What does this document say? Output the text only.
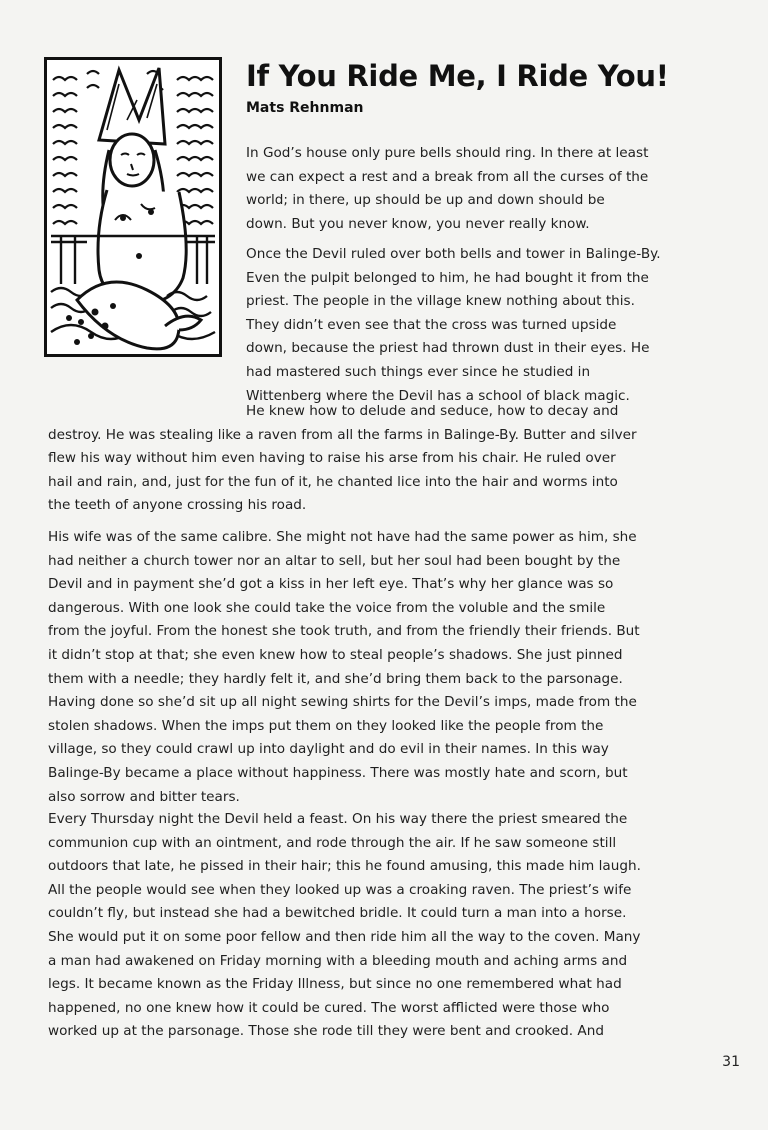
If You Ride Me, I Ride You!
Mats Rehnman
In God’s house only pure bells should ring. In there at least
we can expect a rest and a break from all the curses of the
world; in there, up should be up and down should be
down. But you never know, you never really know.
Once the Devil ruled over both bells and tower in Balinge-By.
Even the pulpit belonged to him, he had bought it from the
priest. The people in the village knew nothing about this.
They didn’t even see that the cross was turned upside
down, because the priest had thrown dust in their eyes. He
had mastered such things ever since he studied in
Wittenberg where the Devil has a school of black magic.
He knew how to delude and seduce, how to decay and
destroy. He was stealing like a raven from all the farms in Balinge-By. Butter and silver
flew his way without him even having to raise his arse from his chair. He ruled over
hail and rain, and, just for the fun of it, he chanted lice into the hair and worms into
the teeth of anyone crossing his road.
His wife was of the same calibre. She might not have had the same power as him, she
had neither a church tower nor an altar to sell, but her soul had been bought by the
Devil and in payment she’d got a kiss in her left eye. That’s why her glance was so
dangerous. With one look she could take the voice from the voluble and the smile
from the joyful. From the honest she took truth, and from the friendly their friends. But
it didn’t stop at that; she even knew how to steal people’s shadows. She just pinned
them with a needle; they hardly felt it, and she’d bring them back to the parsonage.
Having done so she’d sit up all night sewing shirts for the Devil’s imps, made from the
stolen shadows. When the imps put them on they looked like the people from the
village, so they could crawl up into daylight and do evil in their names. In this way
Balinge-By became a place without happiness. There was mostly hate and scorn, but
also sorrow and bitter tears.
Every Thursday night the Devil held a feast. On his way there the priest smeared the
communion cup with an ointment, and rode through the air. If he saw someone still
outdoors that late, he pissed in their hair; this he found amusing, this made him laugh.
All the people would see when they looked up was a croaking raven. The priest’s wife
couldn’t fly, but instead she had a bewitched bridle. It could turn a man into a horse.
She would put it on some poor fellow and then ride him all the way to the coven. Many
a man had awakened on Friday morning with a bleeding mouth and aching arms and
legs. It became known as the Friday Illness, but since no one remembered what had
happened, no one knew how it could be cured. The worst afflicted were those who
worked up at the parsonage. Those she rode till they were bent and crooked. And
31
